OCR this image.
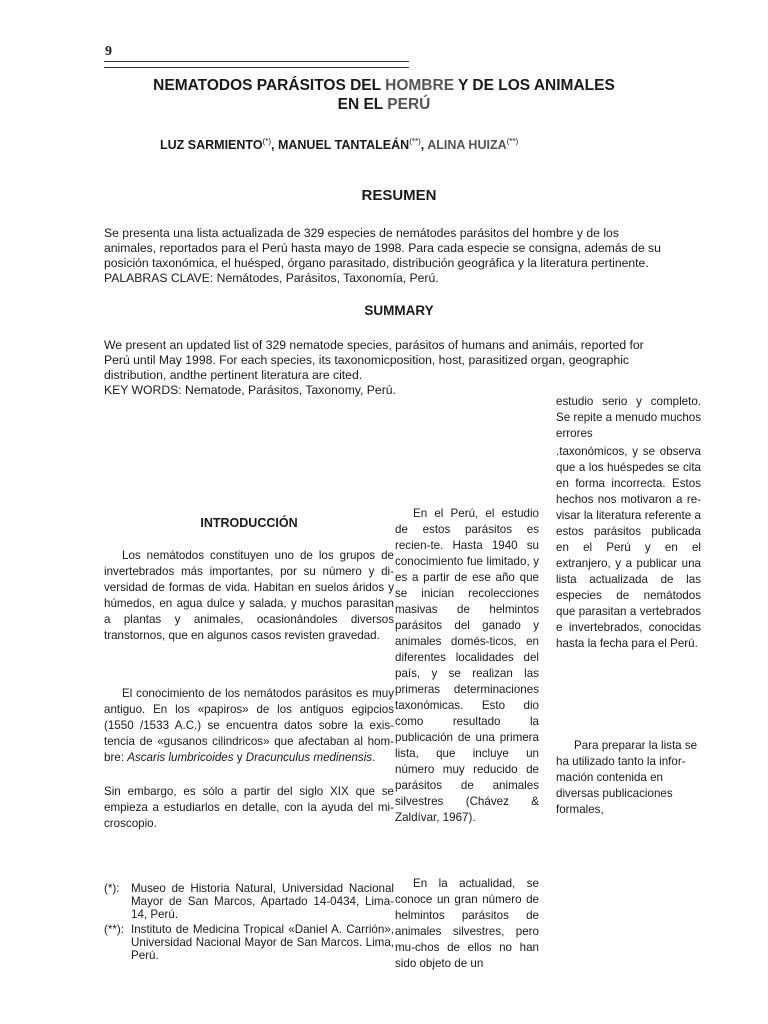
9
NEMATODOS PARÁSITOS DEL HOMBRE Y DE LOS ANIMALES
EN EL PERÚ
LUZ SARMIENTO(*), MANUEL TANTALEÁN(**), ALINA HUIZA(**)
RESUMEN
Se presenta una lista actualizada de 329 especies de nemátodes parásitos del hombre y de los animales, reportados para el Perú hasta mayo de 1998. Para cada especie se consigna, además de su posición taxonómica, el huésped, órgano parasitado, distribución geográfica y la literatura pertinente. PALABRAS CLAVE: Nemátodes, Parásitos, Taxonomía, Perú.
SUMMARY
We present an updated list of 329 nematode species, parásitos of humans and animáis, reported for Perú until May 1998. For each species, its taxonomicposition, host, parasitized organ, geographic distribution, andthe pertinent literatura are cited.
KEY WORDS: Nematode, Parásitos, Taxonomy, Perú.
INTRODUCCIÓN

Los nemátodos constituyen uno de los grupos de invertebrados más importantes, por su número y di-versidad de formas de vida. Habitan en suelos áridos y húmedos, en agua dulce y salada, y muchos parasitan a plantas y animales, ocasionándoles diversos transtornos, que en algunos casos revisten gravedad.

El conocimiento de los nemátodos parásitos es muy antiguo. En los «papiros» de los antiguos egipcios (1550 /1533 A.C.) se encuentra datos sobre la exis-tencia de «gusanos cilindricos» que afectaban al hom-bre: Ascaris lumbricoides y Dracunculus medinensis.

Sin embargo, es sólo a partir del siglo XIX que se empieza a estudiarlos en detalle, con la ayuda del mi-croscopio.

(*): Museo de Historia Natural, Universidad Nacional Mayor de San Marcos, Apartado 14-0434, Lima-14, Perú.
(**): Instituto de Medicina Tropical «Daniel A. Carrión», Universidad Nacional Mayor de San Marcos. Lima, Perú.

En el Perú, el estudio de estos parásitos es recien-te. Hasta 1940 su conocimiento fue limitado, y es a partir de ese año que se inician recolecciones masivas de helmintos parásitos del ganado y animales domés-ticos, en diferentes localidades del país, y se realizan las primeras determinaciones taxonómicas. Esto dio como resultado la publicación de una primera lista, que incluye un número muy reducido de parásitos de animales silvestres (Chávez & Zaldívar, 1967).

En la actualidad, se conoce un gran número de helmintos parásitos de animales silvestres, pero mu-chos de ellos no han sido objeto de un

estudio serio y completo. Se repite a menudo muchos errores

.taxonómicos, y se observa que a los huéspedes se cita en forma incorrecta. Estos hechos nos motivaron a re-visar la literatura referente a estos parásitos publicada en el Perú y en el extranjero, y a publicar una lista actualizada de las especies de nemátodos que parasitan a vertebrados e invertebrados, conocidas hasta la fecha para el Perú.

Para preparar la lista se ha utilizado tanto la infor-mación contenida en diversas publicaciones formales,
